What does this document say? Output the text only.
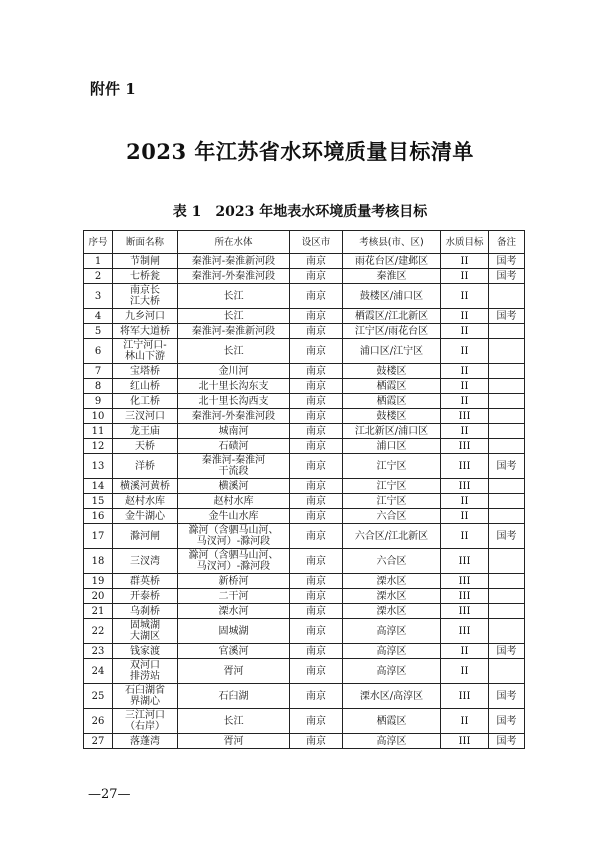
附件 1
2023 年江苏省水环境质量目标清单
表 1　2023 年地表水环境质量考核目标
序号	断面名称	所在水体	设区市	考核县(市、区)	水质目标	备注
1	节制闸	秦淮河-秦淮新河段	南京	雨花台区/建邺区	II	国考
2	七桥瓮	秦淮河-外秦淮河段	南京	秦淮区	II	国考
3	南京长
江大桥	长江	南京	鼓楼区/浦口区	II	
4	九乡河口	长江	南京	栖霞区/江北新区	II	国考
5	将军大道桥	秦淮河-秦淮新河段	南京	江宁区/雨花台区	II	
6	江宁河口-
林山下游	长江	南京	浦口区/江宁区	II	
7	宝塔桥	金川河	南京	鼓楼区	II	
8	红山桥	北十里长沟东支	南京	栖霞区	II	
9	化工桥	北十里长沟西支	南京	栖霞区	II	
10	三汊河口	秦淮河-外秦淮河段	南京	鼓楼区	III	
11	龙王庙	城南河	南京	江北新区/浦口区	II	
12	天桥	石碛河	南京	浦口区	III	
13	洋桥	秦淮河-秦淮河
干流段	南京	江宁区	III	国考
14	横溪河黄桥	横溪河	南京	江宁区	III	
15	赵村水库	赵村水库	南京	江宁区	II	
16	金牛湖心	金牛山水库	南京	六合区	II	
17	滁河闸	滁河（含驷马山河、
马汊河）-滁河段	南京	六合区/江北新区	II	国考
18	三汊湾	滁河（含驷马山河、
马汊河）-滁河段	南京	六合区	III	
19	群英桥	新桥河	南京	溧水区	III	
20	开泰桥	二干河	南京	溧水区	III	
21	乌刹桥	溧水河	南京	溧水区	III	
22	固城湖
大湖区	固城湖	南京	高淳区	III	
23	钱家渡	官溪河	南京	高淳区	II	国考
24	双河口
排涝站	胥河	南京	高淳区	II	
25	石臼湖省
界湖心	石臼湖	南京	溧水区/高淳区	III	国考
26	三江河口
（右岸）	长江	南京	栖霞区	II	国考
27	落蓬湾	胥河	南京	高淳区	III	国考
—27—
